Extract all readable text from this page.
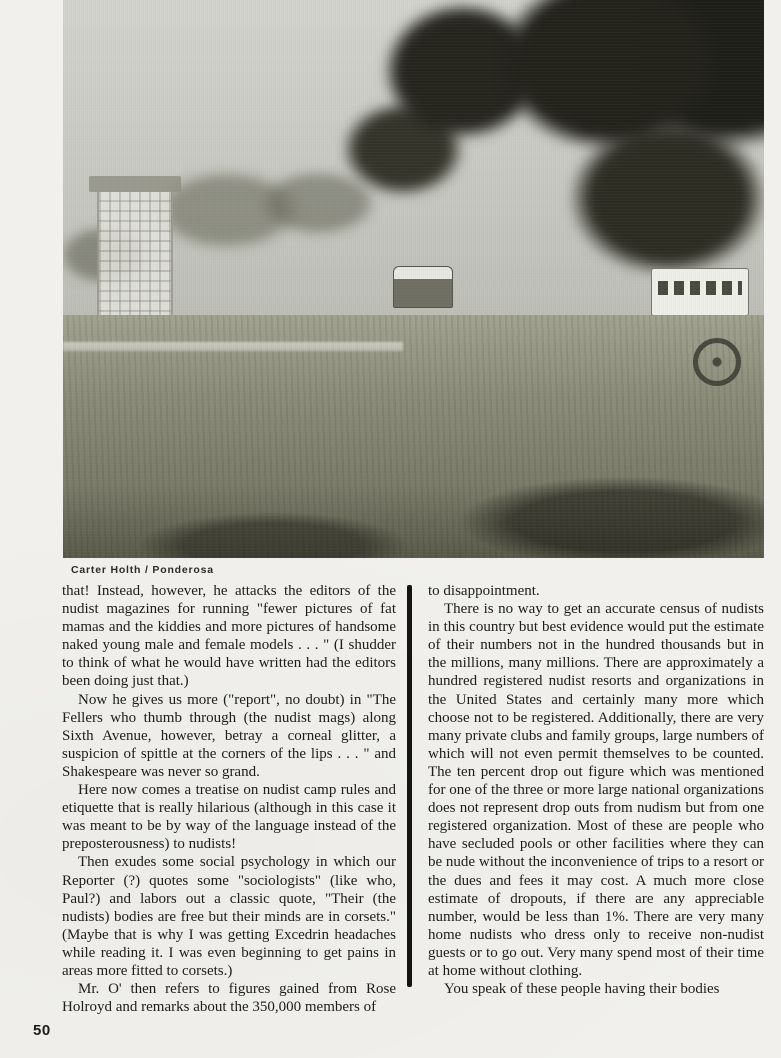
Carter Holth / Ponderosa

that! Instead, however, he attacks the editors of the nudist magazines for running "fewer pictures of fat mamas and the kiddies and more pictures of handsome naked young male and female models . . . " (I shudder to think of what he would have written had the editors been doing just that.)

Now he gives us more ("report", no doubt) in "The Fellers who thumb through (the nudist mags) along Sixth Avenue, however, betray a corneal glitter, a suspicion of spittle at the corners of the lips . . . " and Shakespeare was never so grand.

Here now comes a treatise on nudist camp rules and etiquette that is really hilarious (although in this case it was meant to be by way of the language instead of the preposterousness) to nudists!

Then exudes some social psychology in which our Reporter (?) quotes some "sociologists" (like who, Paul?) and labors out a classic quote, "Their (the nudists) bodies are free but their minds are in corsets." (Maybe that is why I was getting Excedrin headaches while reading it. I was even beginning to get pains in areas more fitted to corsets.)

Mr. O' then refers to figures gained from Rose Holroyd and remarks about the 350,000 members of

to disappointment.

There is no way to get an accurate census of nudists in this country but best evidence would put the estimate of their numbers not in the hundred thousands but in the millions, many millions. There are approximately a hundred registered nudist resorts and organizations in the United States and certainly many more which choose not to be registered. Additionally, there are very many private clubs and family groups, large numbers of which will not even permit themselves to be counted. The ten percent drop out figure which was mentioned for one of the three or more large national organizations does not represent drop outs from nudism but from one registered organization. Most of these are people who have secluded pools or other facilities where they can be nude without the inconvenience of trips to a resort or the dues and fees it may cost. A much more close estimate of dropouts, if there are any appreciable number, would be less than 1%. There are very many home nudists who dress only to receive non-nudist guests or to go out. Very many spend most of their time at home without clothing.

You speak of these people having their bodies

50
